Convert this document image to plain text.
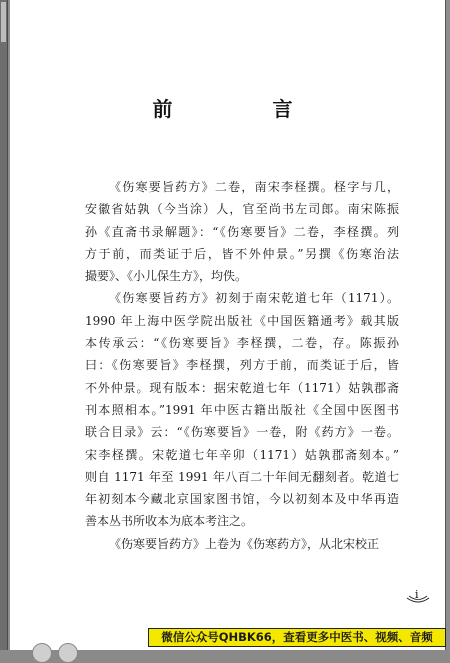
前　言
《伤寒要旨药方》二卷，南宋李柽撰。柽字与几，
安徽省姑孰（今当涂）人，官至尚书左司郎。南宋陈振
孙《直斋书录解题》：“《伤寒要旨》二卷，李柽撰。列
方于前，而类证于后，皆不外仲景。”另撰《伤寒治法
撮要》、《小儿保生方》，均佚。
《伤寒要旨药方》初刻于南宋乾道七年（1171）。
1990 年上海中医学院出版社《中国医籍通考》载其版
本传承云：“《伤寒要旨》李柽撰，二卷，存。陈振孙
曰：《伤寒要旨》李柽撰，列方于前，而类证于后，皆
不外仲景。现有版本：据宋乾道七年（1171）姑孰郡斋
刊本照相本。”1991 年中医古籍出版社《全国中医图书
联合目录》云：“《伤寒要旨》一卷，附《药方》一卷。
宋李柽撰。宋乾道七年辛卯（1171）姑孰郡斋刻本。”
则自 1171 年至 1991 年八百二十年间无翻刻者。乾道七
年初刻本今藏北京国家图书馆，今以初刻本及中华再造
善本丛书所收本为底本考注之。
《伤寒要旨药方》上卷为《伤寒药方》，从北宋校正
i
微信公众号QHBK66，查看更多中医书、视频、音频
